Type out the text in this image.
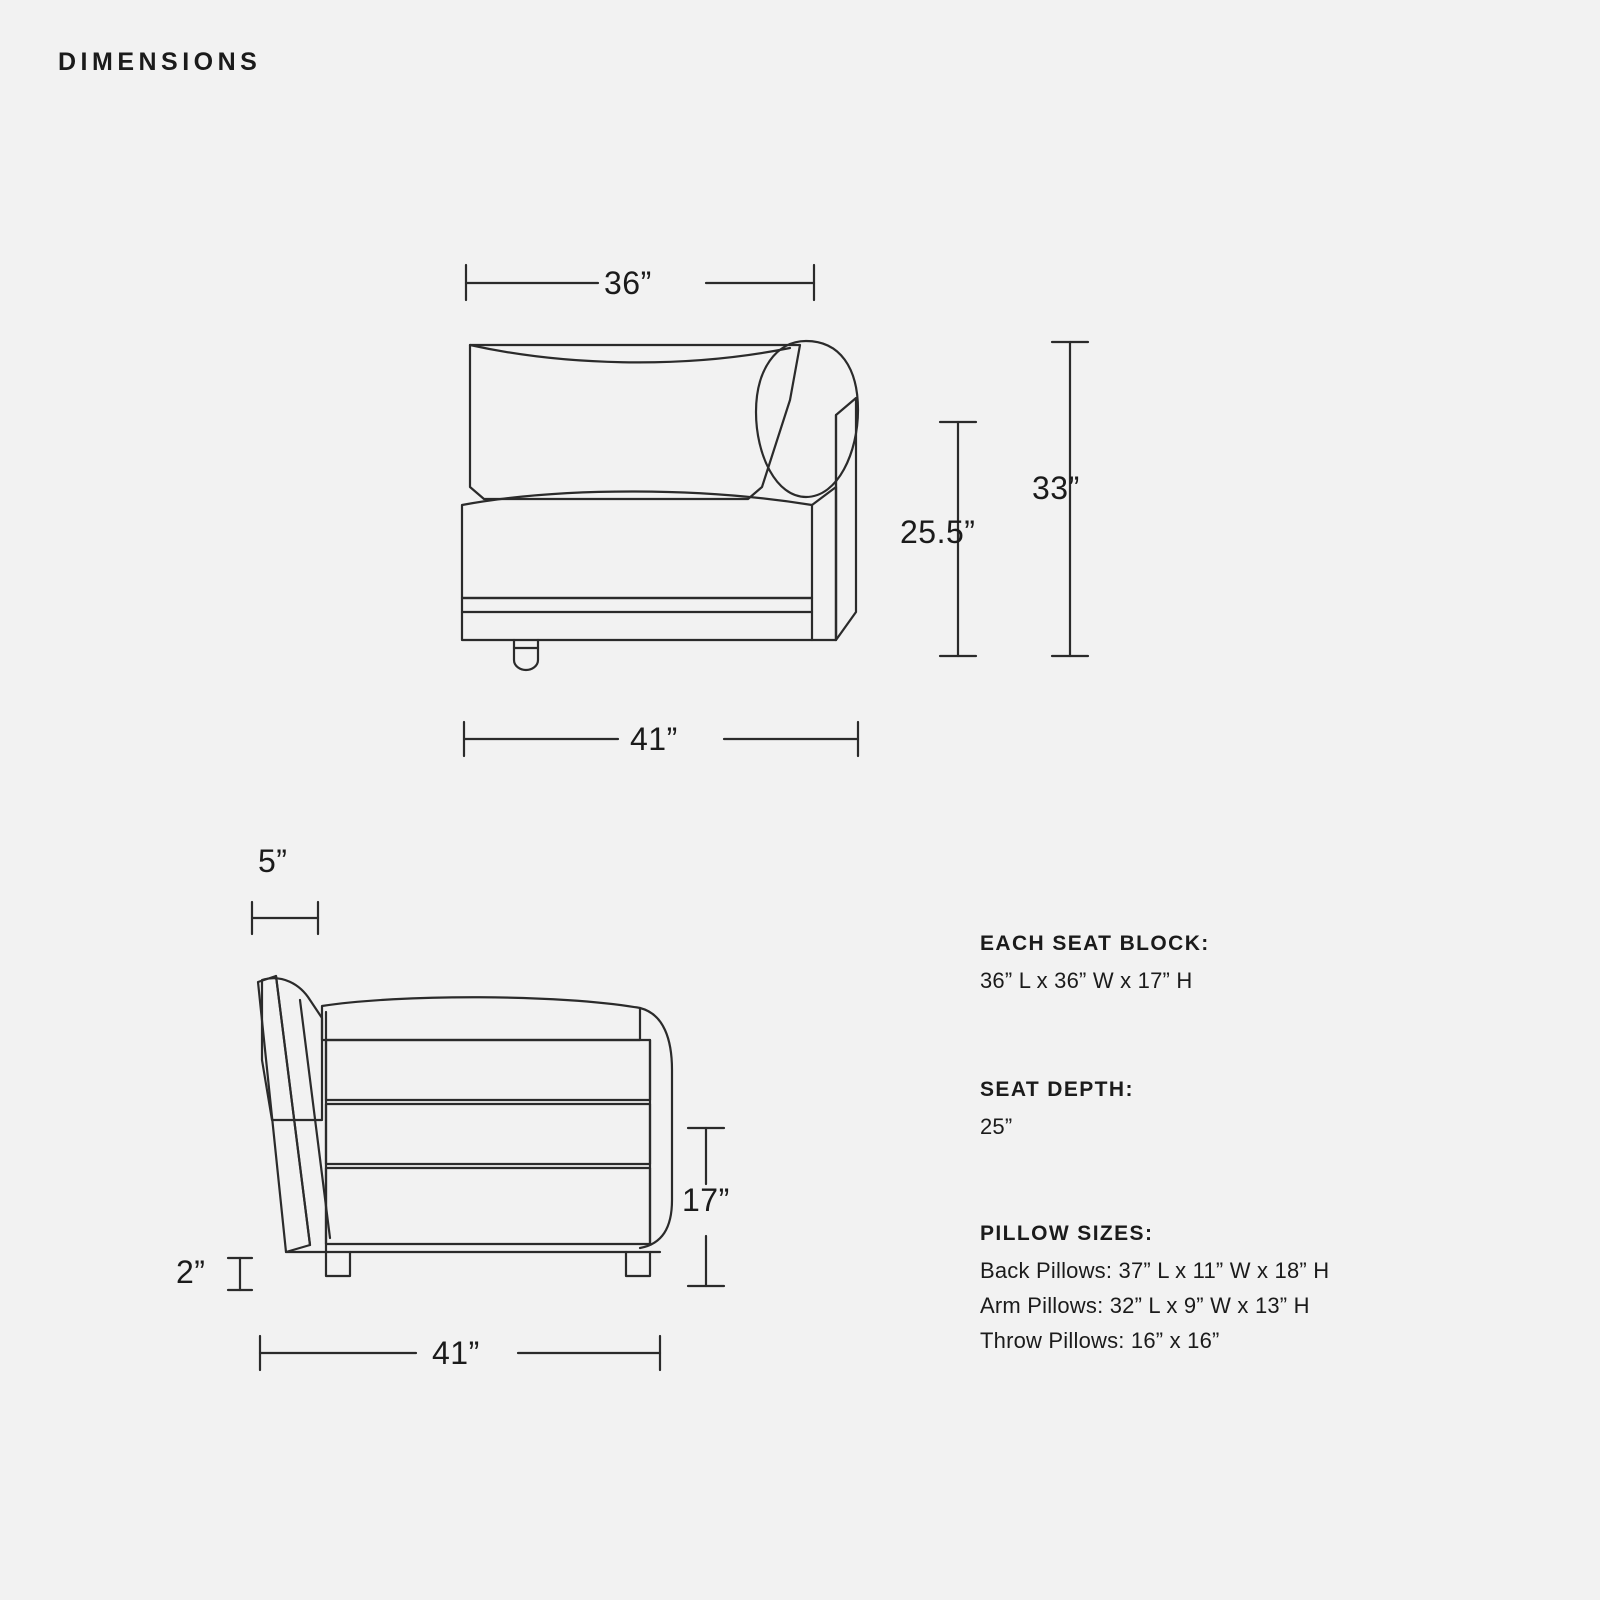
DIMENSIONS
36”
25.5”
33”
41”
5”
2”
17”
41”

EACH SEAT BLOCK:

36” L x 36” W x 17” H

SEAT DEPTH:

25”

PILLOW SIZES:

Back Pillows: 37” L x 11” W x 18” H

Arm Pillows: 32” L x 9” W x 13” H

Throw Pillows: 16” x 16”
